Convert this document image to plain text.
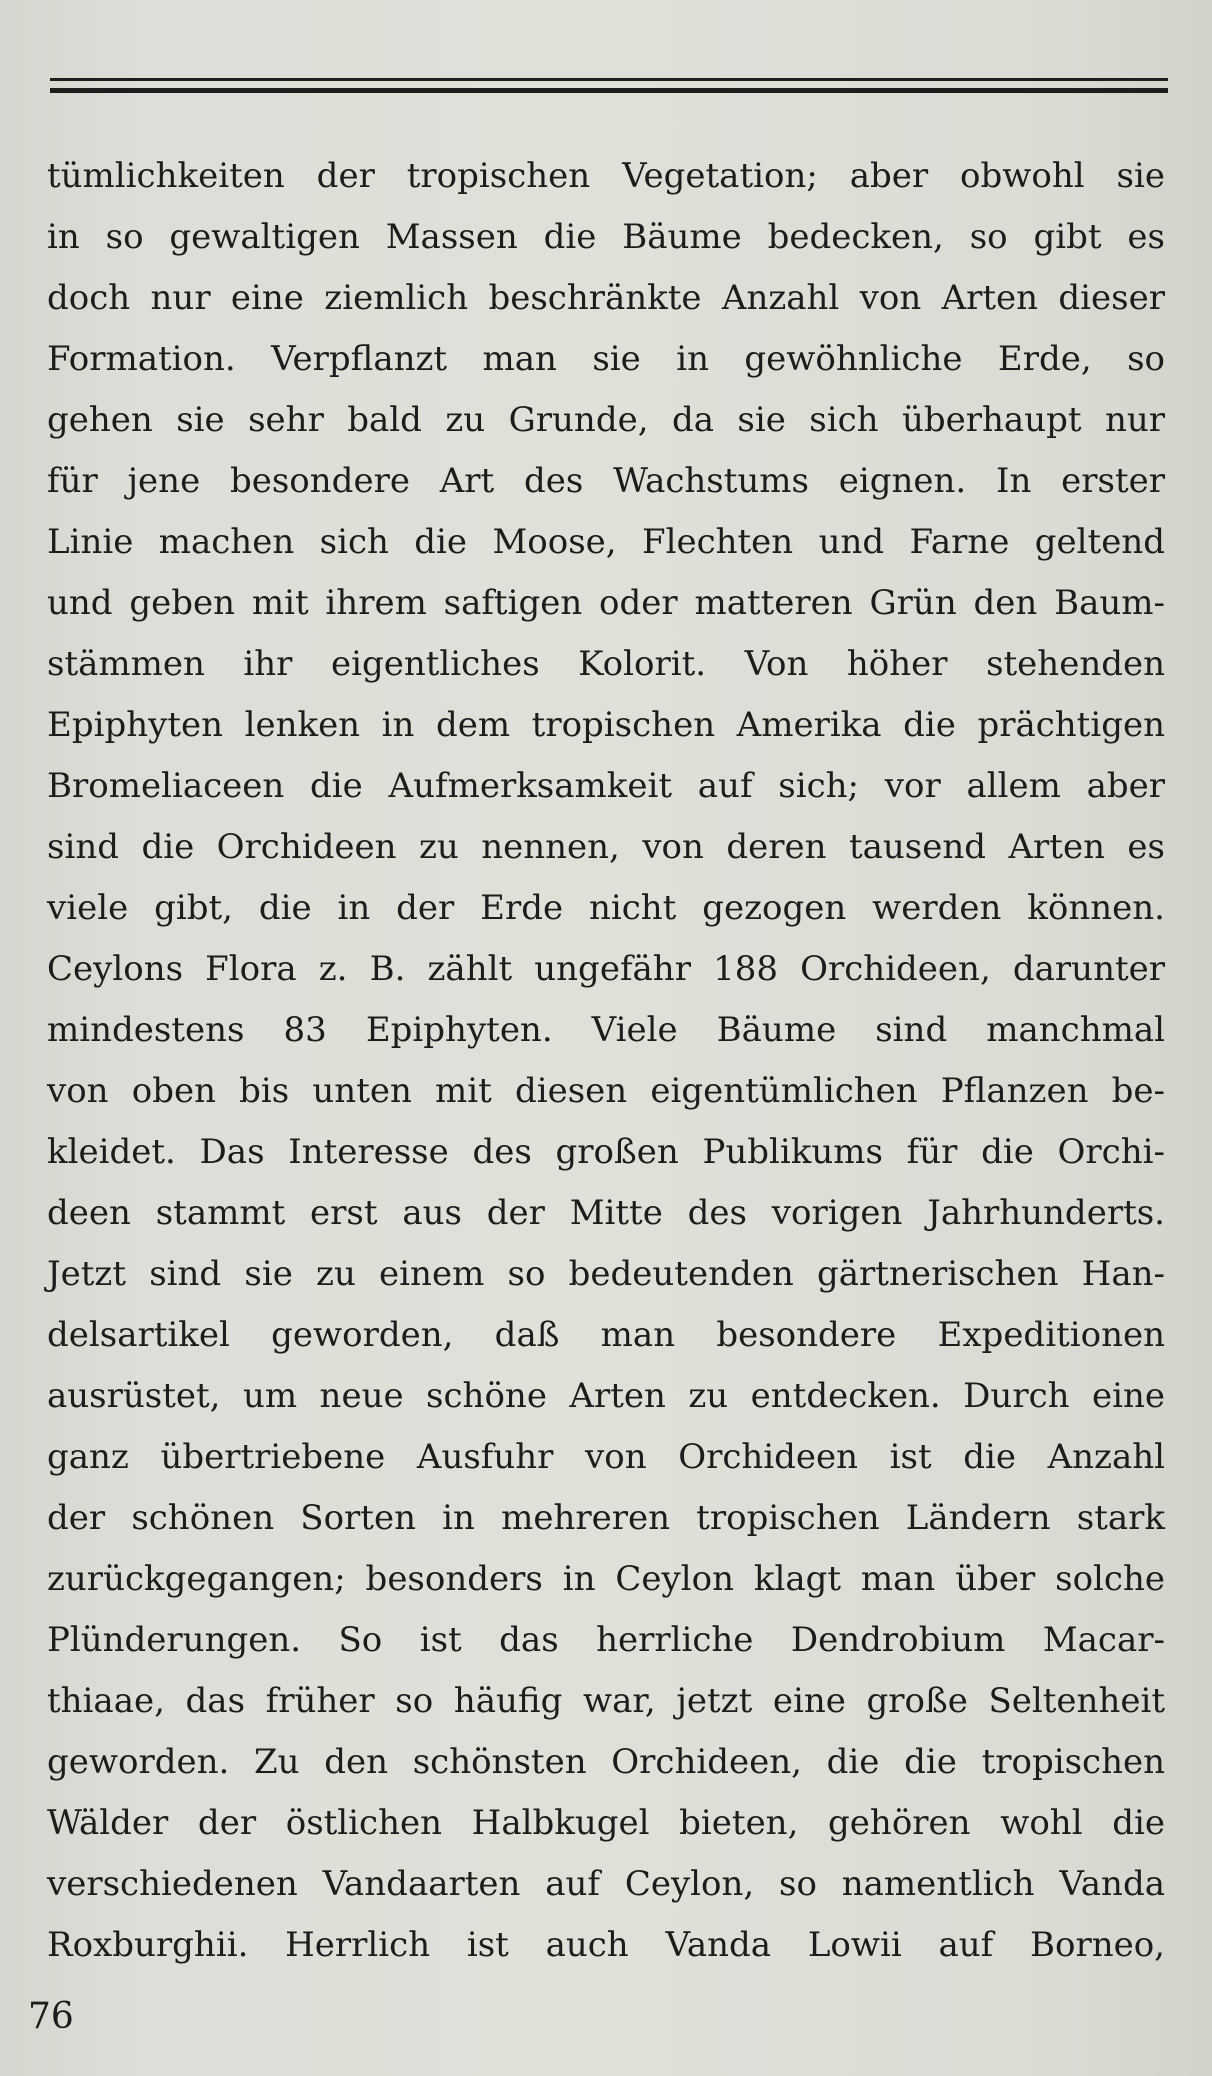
tümlichkeiten der tropischen Vegetation; aber obwohl sie
in so gewaltigen Massen die Bäume bedecken, so gibt es
doch nur eine ziemlich beschränkte Anzahl von Arten dieser
Formation. Verpflanzt man sie in gewöhnliche Erde, so
gehen sie sehr bald zu Grunde, da sie sich überhaupt nur
für jene besondere Art des Wachstums eignen. In erster
Linie machen sich die Moose, Flechten und Farne geltend
und geben mit ihrem saftigen oder matteren Grün den Baum-
stämmen ihr eigentliches Kolorit. Von höher stehenden
Epiphyten lenken in dem tropischen Amerika die prächtigen
Bromeliaceen die Aufmerksamkeit auf sich; vor allem aber
sind die Orchideen zu nennen, von deren tausend Arten es
viele gibt, die in der Erde nicht gezogen werden können.
Ceylons Flora z. B. zählt ungefähr 188 Orchideen, darunter
mindestens 83 Epiphyten. Viele Bäume sind manchmal
von oben bis unten mit diesen eigentümlichen Pflanzen be-
kleidet. Das Interesse des großen Publikums für die Orchi-
deen stammt erst aus der Mitte des vorigen Jahrhunderts.
Jetzt sind sie zu einem so bedeutenden gärtnerischen Han-
delsartikel geworden, daß man besondere Expeditionen
ausrüstet, um neue schöne Arten zu entdecken. Durch eine
ganz übertriebene Ausfuhr von Orchideen ist die Anzahl
der schönen Sorten in mehreren tropischen Ländern stark
zurückgegangen; besonders in Ceylon klagt man über solche
Plünderungen. So ist das herrliche Dendrobium Macar-
thiaae, das früher so häufig war, jetzt eine große Seltenheit
geworden. Zu den schönsten Orchideen, die die tropischen
Wälder der östlichen Halbkugel bieten, gehören wohl die
verschiedenen Vandaarten auf Ceylon, so namentlich Vanda
Roxburghii. Herrlich ist auch Vanda Lowii auf Borneo,
76
